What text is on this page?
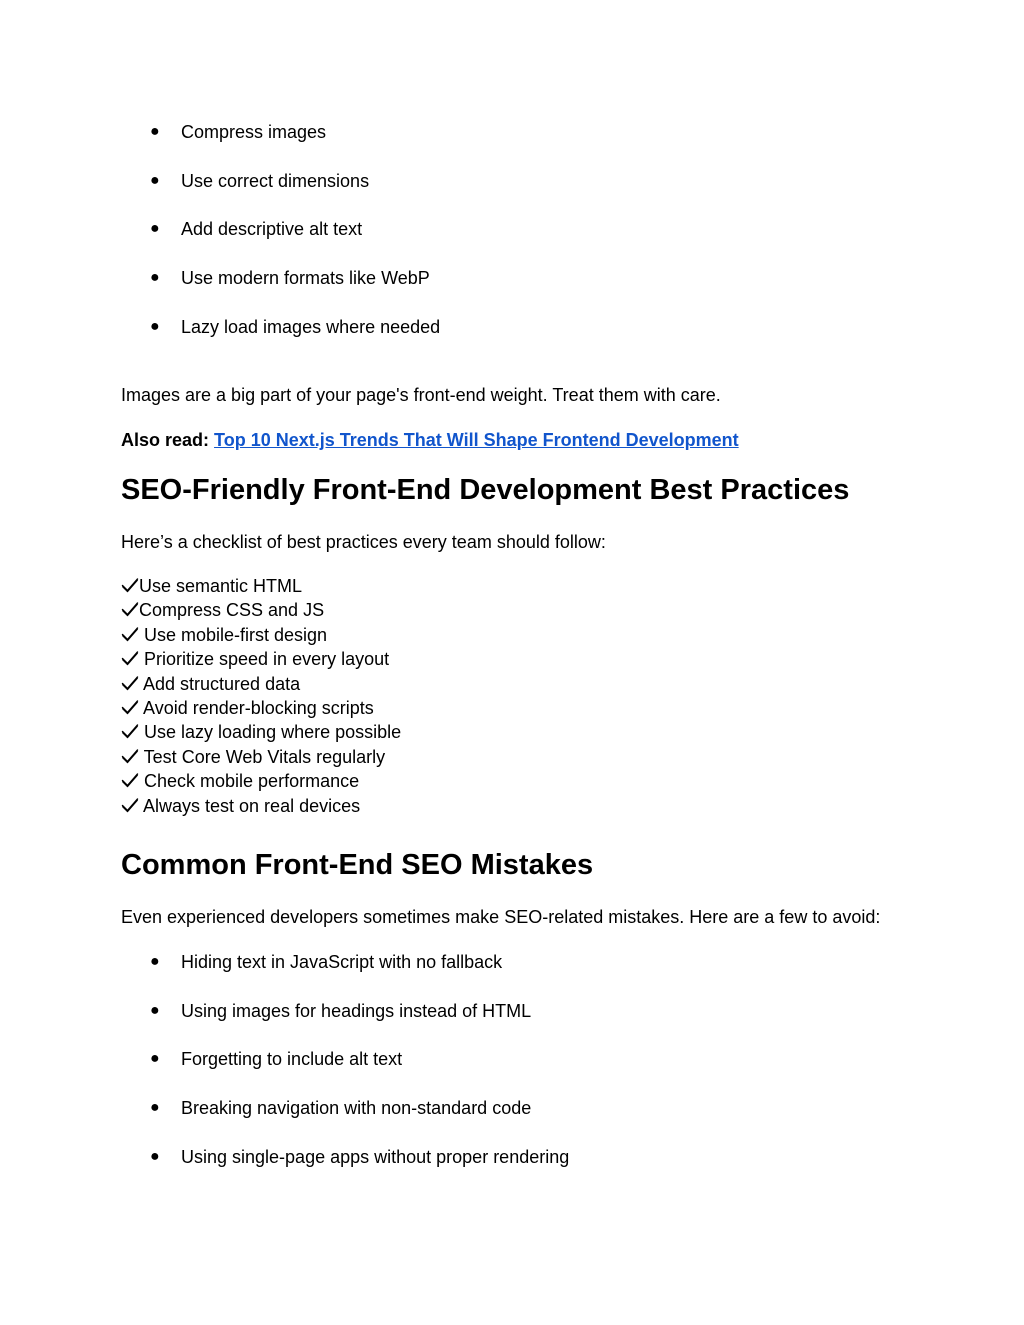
● Compress images
● Use correct dimensions
● Add descriptive alt text
● Use modern formats like WebP
● Lazy load images where needed

Images are a big part of your page's front-end weight. Treat them with care.

Also read: Top 10 Next.js Trends That Will Shape Frontend Development

SEO-Friendly Front-End Development Best Practices

Here’s a checklist of best practices every team should follow:

Use semantic HTML
Compress CSS and JS
Use mobile-first design
Prioritize speed in every layout
Add structured data
Avoid render-blocking scripts
Use lazy loading where possible
Test Core Web Vitals regularly
Check mobile performance
Always test on real devices
Common Front-End SEO Mistakes

Even experienced developers sometimes make SEO-related mistakes. Here are a few to avoid:

● Hiding text in JavaScript with no fallback
● Using images for headings instead of HTML
● Forgetting to include alt text
● Breaking navigation with non-standard code
● Using single-page apps without proper rendering
